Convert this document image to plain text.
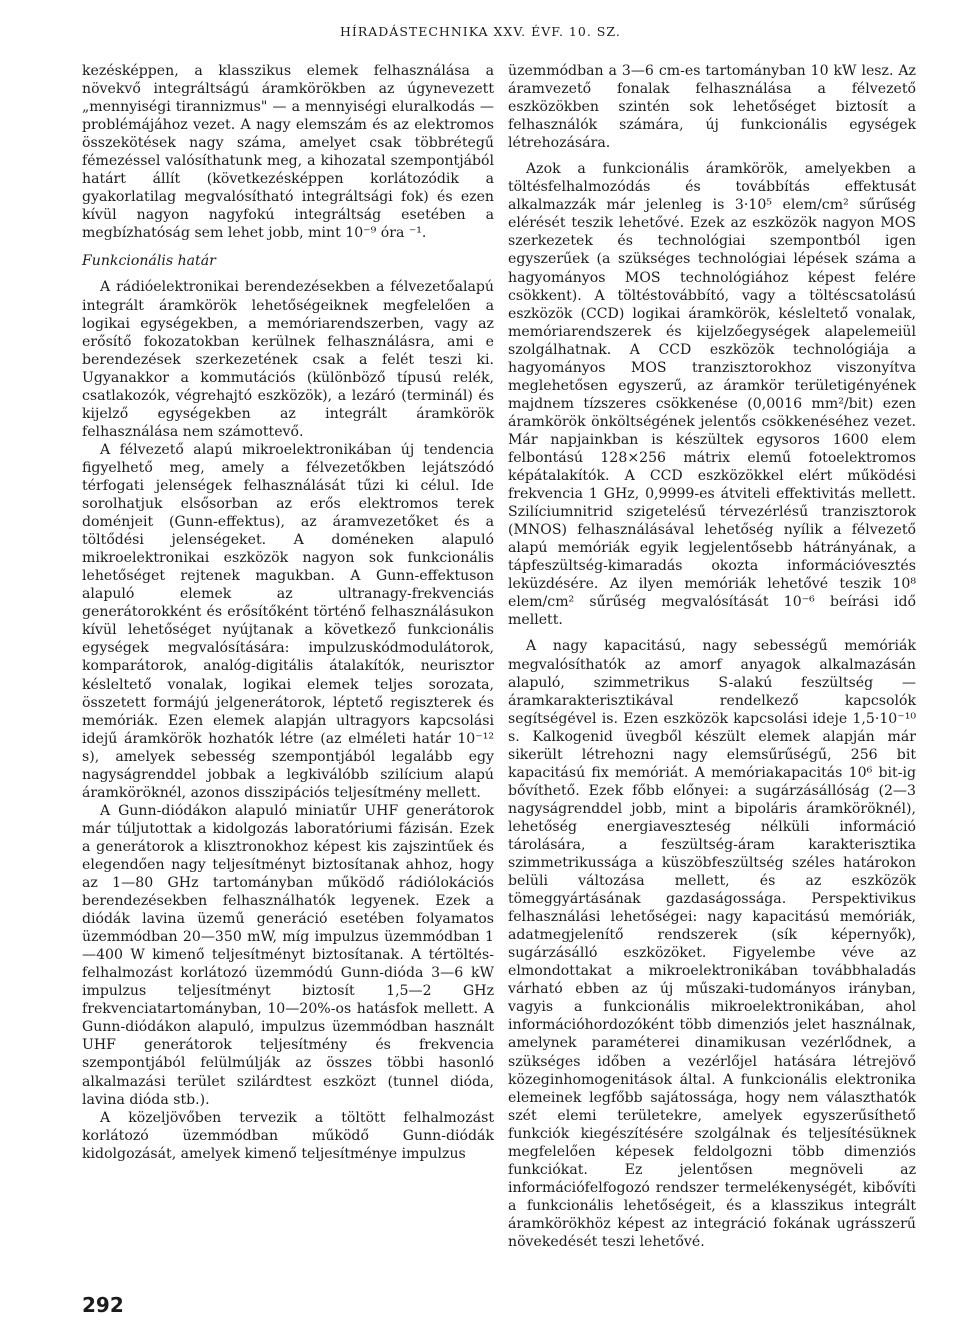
HÍRADÁSTECHNIKA XXV. ÉVF. 10. SZ.

kezésképpen, a klasszikus elemek felhasználása a növekvő integráltságú áramkörökben az úgynevezett „mennyiségi tirannizmus" — a mennyiségi eluralkodás — problémájához vezet. A nagy elemszám és az elektromos összekötések nagy száma, amelyet csak többrétegű fémezéssel valósíthatunk meg, a kihozatal szempontjából határt állít (következésképpen korlátozódik a gyakorlatilag megvalósítható integráltsági fok) és ezen kívül nagyon nagyfokú integráltság esetében a megbízhatóság sem lehet jobb, mint 10⁻⁹ óra ⁻¹.

Funkcionális határ

A rádióelektronikai berendezésekben a félvezetőalapú integrált áramkörök lehetőségeiknek megfelelően a logikai egységekben, a memóriarendszerben, vagy az erősítő fokozatokban kerülnek felhasználásra, ami e berendezések szerkezetének csak a felét teszi ki. Ugyanakkor a kommutációs (különböző típusú relék, csatlakozók, végrehajtó eszközök), a lezáró (terminál) és kijelző egységekben az integrált áramkörök felhasználása nem számottevő.

A félvezető alapú mikroelektronikában új tendencia figyelhető meg, amely a félvezetőkben lejátszódó térfogati jelenségek felhasználását tűzi ki célul. Ide sorolhatjuk elsősorban az erős elektromos terek doménjeit (Gunn-effektus), az áramvezetőket és a töltődési jelenségeket. A doméneken alapuló mikroelektronikai eszközök nagyon sok funkcionális lehetőséget rejtenek magukban. A Gunn-effektuson alapuló elemek az ultranagy-frekvenciás generátorokként és erősítőként történő felhasználásukon kívül lehetőséget nyújtanak a következő funkcionális egységek megvalósítására: impulzuskódmodulátorok, komparátorok, analóg-digitális átalakítók, neurisztor késleltető vonalak, logikai elemek teljes sorozata, összetett formájú jelgenerátorok, léptető regiszterek és memóriák. Ezen elemek alapján ultragyors kapcsolási idejű áramkörök hozhatók létre (az elméleti határ 10⁻¹² s), amelyek sebesség szempontjából legalább egy nagyságrenddel jobbak a legkiválóbb szilícium alapú áramköröknél, azonos disszipációs teljesítmény mellett.

A Gunn-diódákon alapuló miniatűr UHF generátorok már túljutottak a kidolgozás laboratóriumi fázisán. Ezek a generátorok a klisztronokhoz képest kis zajszintűek és elegendően nagy teljesítményt biztosítanak ahhoz, hogy az 1—80 GHz tartományban működő rádiólokációs berendezésekben felhasználhatók legyenek. Ezek a diódák lavina üzemű generáció esetében folyamatos üzemmódban 20—350 mW, míg impulzus üzemmódban 1—400 W kimenő teljesítményt biztosítanak. A tértöltés-felhalmozást korlátozó üzemmódú Gunn-dióda 3—6 kW impulzus teljesítményt biztosít 1,5—2 GHz frekvenciatartományban, 10—20%-os hatásfok mellett. A Gunn-diódákon alapuló, impulzus üzemmódban használt UHF generátorok teljesítmény és frekvencia szempontjából felülmúlják az összes többi hasonló alkalmazási terület szilárdtest eszközt (tunnel dióda, lavina dióda stb.).

A közeljövőben tervezik a töltött felhalmozást korlátozó üzemmódban működő Gunn-diódák kidolgozását, amelyek kimenő teljesítménye impulzus

üzemmódban a 3—6 cm-es tartományban 10 kW lesz. Az áramvezető fonalak felhasználása a félvezető eszközökben szintén sok lehetőséget biztosít a felhasználók számára, új funkcionális egységek létrehozására.

Azok a funkcionális áramkörök, amelyekben a töltésfelhalmozódás és továbbítás effektusát alkalmazzák már jelenleg is 3·10⁵ elem/cm² sűrűség elérését teszik lehetővé. Ezek az eszközök nagyon MOS szerkezetek és technológiai szempontból igen egyszerűek (a szükséges technológiai lépések száma a hagyományos MOS technológiához képest felére csökkent). A töltéstovábbító, vagy a töltéscsatolású eszközök (CCD) logikai áramkörök, késleltető vonalak, memóriarendszerek és kijelzőegységek alapelemeiül szolgálhatnak. A CCD eszközök technológiája a hagyományos MOS tranzisztorokhoz viszonyítva meglehetősen egyszerű, az áramkör területigényének majdnem tízszeres csökkenése (0,0016 mm²/bit) ezen áramkörök önköltségének jelentős csökkenéséhez vezet. Már napjainkban is készültek egysoros 1600 elem felbontású 128×256 mátrix elemű fotoelektromos képátalakítók. A CCD eszközökkel elért működési frekvencia 1 GHz, 0,9999-es átviteli effektivitás mellett. Szilíciumnitrid szigetelésű térvezérlésű tranzisztorok (MNOS) felhasználásával lehetőség nyílik a félvezető alapú memóriák egyik legjelentősebb hátrányának, a tápfeszültség-kimaradás okozta információvesztés leküzdésére. Az ilyen memóriák lehetővé teszik 10⁸ elem/cm² sűrűség megvalósítását 10⁻⁶ beírási idő mellett.

A nagy kapacitású, nagy sebességű memóriák megvalósíthatók az amorf anyagok alkalmazásán alapuló, szimmetrikus S-alakú feszültség — áramkarakterisztikával rendelkező kapcsolók segítségével is. Ezen eszközök kapcsolási ideje 1,5·10⁻¹⁰ s. Kalkogenid üvegből készült elemek alapján már sikerült létrehozni nagy elemsűrűségű, 256 bit kapacitású fix memóriát. A memóriakapacitás 10⁶ bit-ig bővíthető. Ezek főbb előnyei: a sugárzásállóság (2—3 nagyságrenddel jobb, mint a bipoláris áramköröknél), lehetőség energiaveszteség nélküli információ tárolására, a feszültség-áram karakterisztika szimmetrikussága a küszöbfeszültség széles határokon belüli változása mellett, és az eszközök tömeggyártásának gazdaságossága. Perspektivikus felhasználási lehetőségei: nagy kapacitású memóriák, adatmegjelenítő rendszerek (sík képernyők), sugárzásálló eszközöket. Figyelembe véve az elmondottakat a mikroelektronikában továbbhaladás várható ebben az új műszaki-tudományos irányban, vagyis a funkcionális mikroelektronikában, ahol információhordozóként több dimenziós jelet használnak, amelynek paraméterei dinamikusan vezérlődnek, a szükséges időben a vezérlőjel hatására létrejövő közeginhomogenitások által. A funkcionális elektronika elemeinek legfőbb sajátossága, hogy nem választhatók szét elemi területekre, amelyek egyszerűsíthető funkciók kiegészítésére szolgálnak és teljesítésüknek megfelelően képesek feldolgozni több dimenziós funkciókat. Ez jelentősen megnöveli az információfelfogozó rendszer termelékenységét, kibővíti a funkcionális lehetőségeit, és a klasszikus integrált áramkörökhöz képest az integráció fokának ugrásszerű növekedését teszi lehetővé.

292
